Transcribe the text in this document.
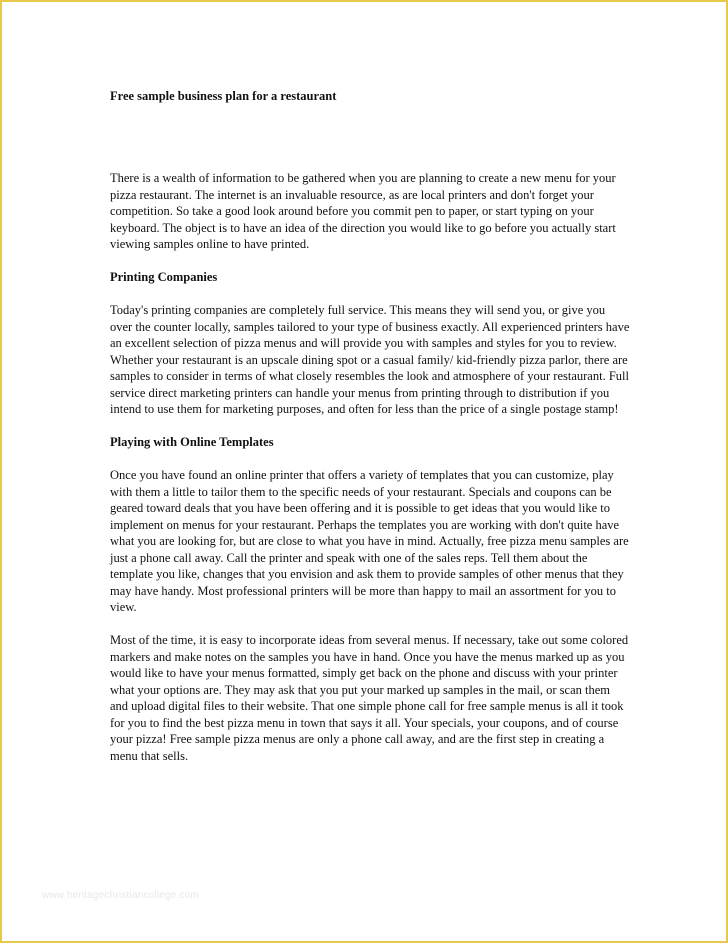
Free sample business plan for a restaurant

There is a wealth of information to be gathered when you are planning to create a new menu for your pizza restaurant. The internet is an invaluable resource, as are local printers and don't forget your competition. So take a good look around before you commit pen to paper, or start typing on your keyboard. The object is to have an idea of the direction you would like to go before you actually start viewing samples online to have printed.

Printing Companies

Today's printing companies are completely full service. This means they will send you, or give you over the counter locally, samples tailored to your type of business exactly. All experienced printers have an excellent selection of pizza menus and will provide you with samples and styles for you to review. Whether your restaurant is an upscale dining spot or a casual family/ kid-friendly pizza parlor, there are samples to consider in terms of what closely resembles the look and atmosphere of your restaurant. Full service direct marketing printers can handle your menus from printing through to distribution if you intend to use them for marketing purposes, and often for less than the price of a single postage stamp!

Playing with Online Templates

Once you have found an online printer that offers a variety of templates that you can customize, play with them a little to tailor them to the specific needs of your restaurant. Specials and coupons can be geared toward deals that you have been offering and it is possible to get ideas that you would like to implement on menus for your restaurant. Perhaps the templates you are working with don't quite have what you are looking for, but are close to what you have in mind. Actually, free pizza menu samples are just a phone call away. Call the printer and speak with one of the sales reps. Tell them about the template you like, changes that you envision and ask them to provide samples of other menus that they may have handy. Most professional printers will be more than happy to mail an assortment for you to view.

Most of the time, it is easy to incorporate ideas from several menus. If necessary, take out some colored markers and make notes on the samples you have in hand. Once you have the menus marked up as you would like to have your menus formatted, simply get back on the phone and discuss with your printer what your options are. They may ask that you put your marked up samples in the mail, or scan them and upload digital files to their website. That one simple phone call for free sample menus is all it took for you to find the best pizza menu in town that says it all. Your specials, your coupons, and of course your pizza! Free sample pizza menus are only a phone call away, and are the first step in creating a menu that sells.

www.heritagechristiancollege.com
